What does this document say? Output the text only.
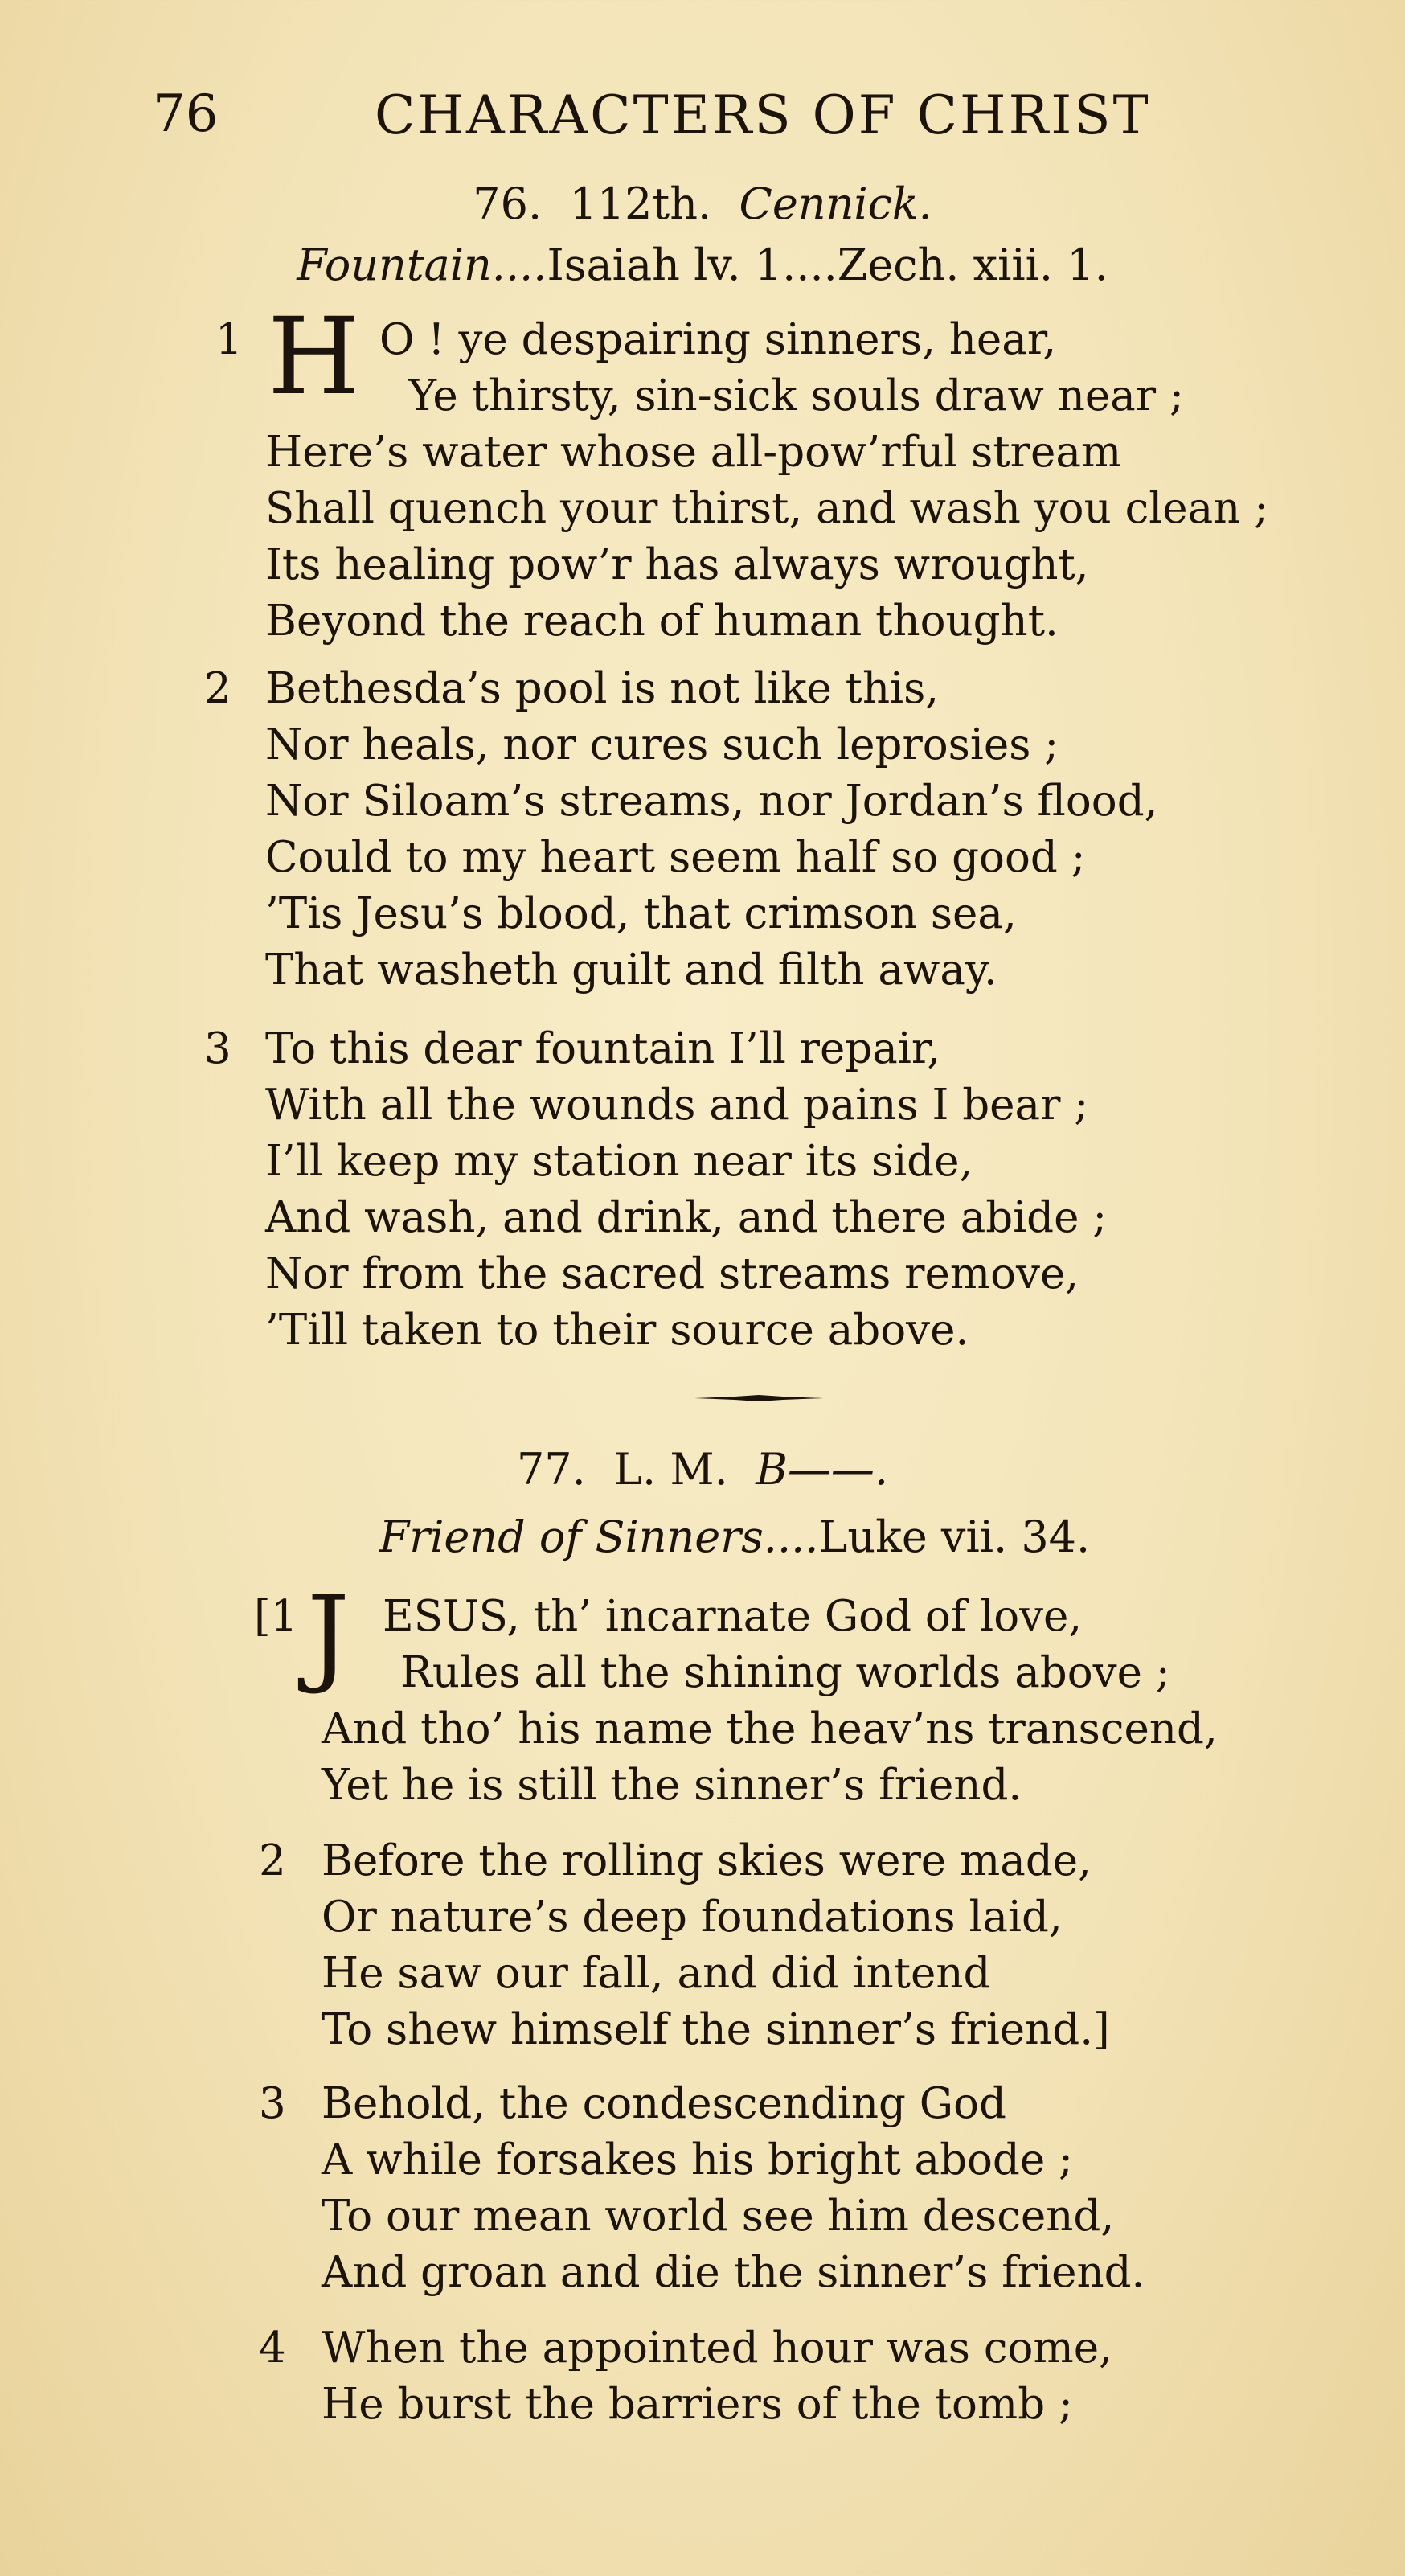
76	CHARACTERS OF CHRIST
76. 112th. Cennick.
Fountain....Isaiah lv. 1....Zech. xiii. 1.
1 H O ! ye despairing sinners, hear,
Ye thirsty, sin-sick souls draw near ;
Here’s water whose all-pow’rful stream
Shall quench your thirst, and wash you clean ;
Its healing pow’r has always wrought,
Beyond the reach of human thought.
2 Bethesda’s pool is not like this,
Nor heals, nor cures such leprosies ;
Nor Siloam’s streams, nor Jordan’s flood,
Could to my heart seem half so good ;
’Tis Jesu’s blood, that crimson sea,
That washeth guilt and filth away.
3 To this dear fountain I’ll repair,
With all the wounds and pains I bear ;
I’ll keep my station near its side,
And wash, and drink, and there abide ;
Nor from the sacred streams remove,
’Till taken to their source above.
77. L. M. B——.
Friend of Sinners....Luke vii. 34.
[1 J ESUS, th’ incarnate God of love,
Rules all the shining worlds above ;
And tho’ his name the heav’ns transcend,
Yet he is still the sinner’s friend.
2 Before the rolling skies were made,
Or nature’s deep foundations laid,
He saw our fall, and did intend
To shew himself the sinner’s friend.]
3 Behold, the condescending God
A while forsakes his bright abode ;
To our mean world see him descend,
And groan and die the sinner’s friend.
4 When the appointed hour was come,
He burst the barriers of the tomb ;
